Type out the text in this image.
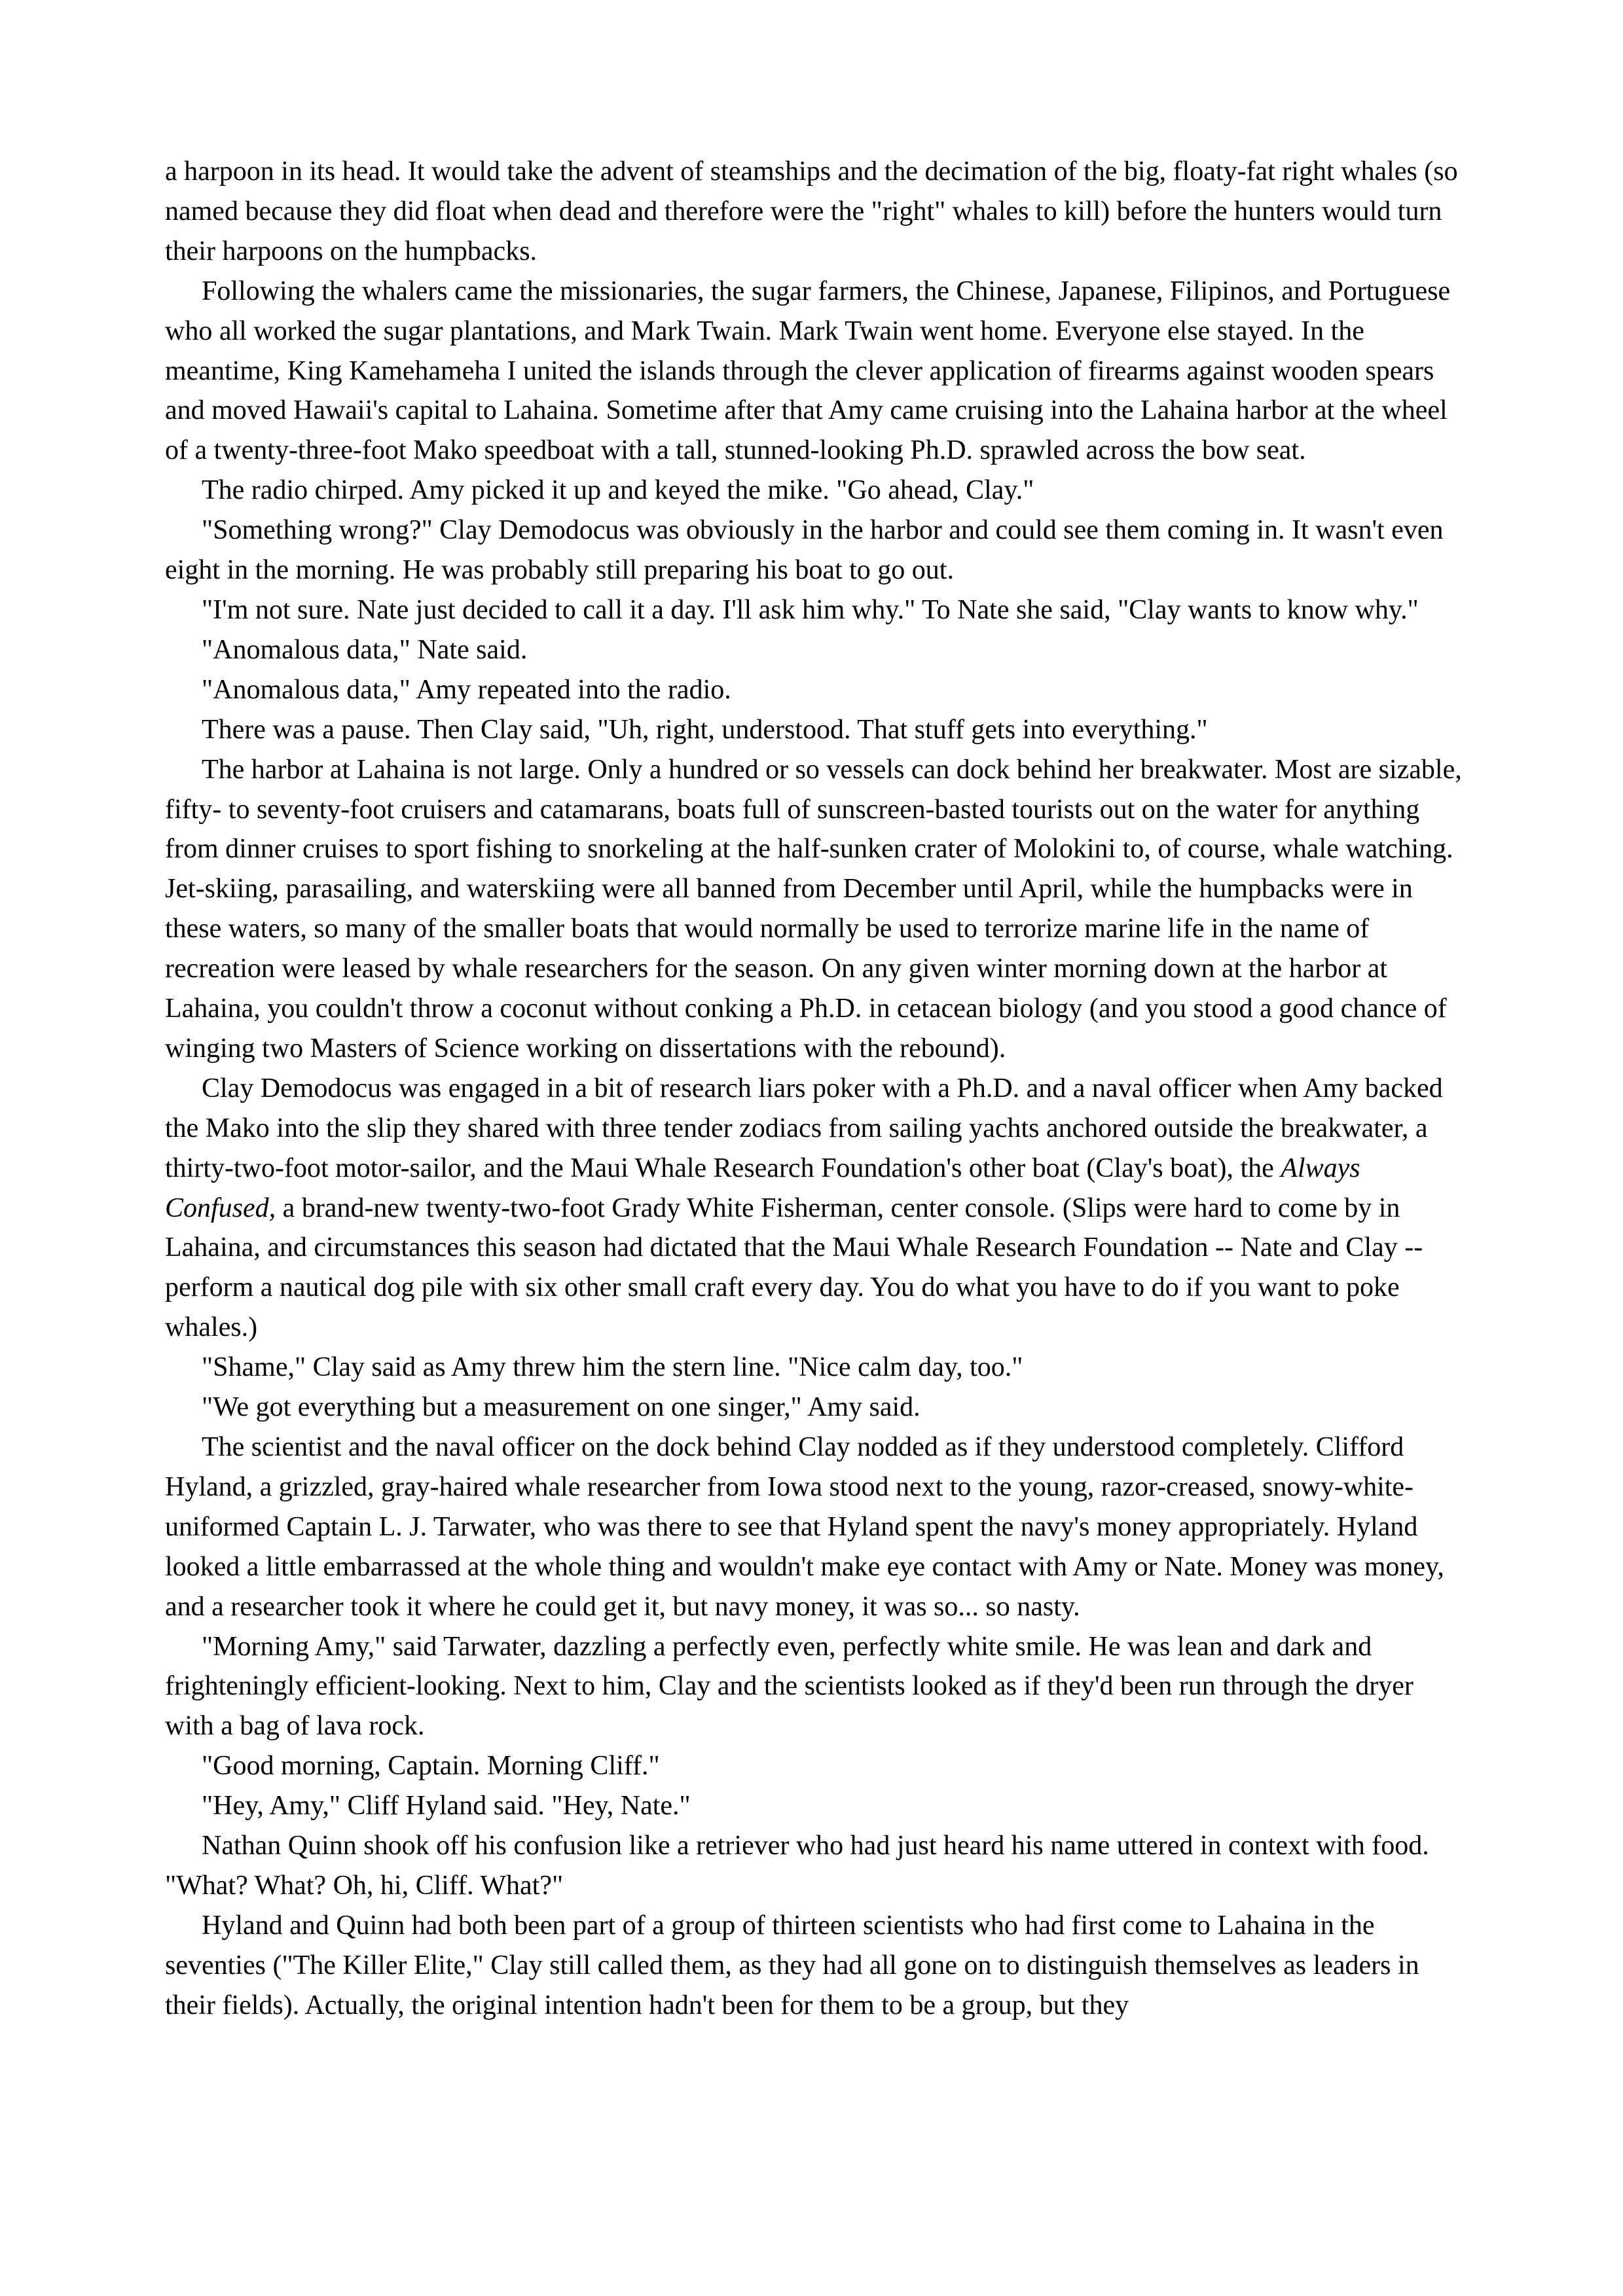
a harpoon in its head. It would take the advent of steamships and the decimation of the big, floaty-fat right whales (so named because they did float when dead and therefore were the "right" whales to kill) before the hunters would turn their harpoons on the humpbacks.

Following the whalers came the missionaries, the sugar farmers, the Chinese, Japanese, Filipinos, and Portuguese who all worked the sugar plantations, and Mark Twain. Mark Twain went home. Everyone else stayed. In the meantime, King Kamehameha I united the islands through the clever application of firearms against wooden spears and moved Hawaii's capital to Lahaina. Sometime after that Amy came cruising into the Lahaina harbor at the wheel of a twenty-three-foot Mako speedboat with a tall, stunned-looking Ph.D. sprawled across the bow seat.

The radio chirped. Amy picked it up and keyed the mike. "Go ahead, Clay."

"Something wrong?" Clay Demodocus was obviously in the harbor and could see them coming in. It wasn't even eight in the morning. He was probably still preparing his boat to go out.

"I'm not sure. Nate just decided to call it a day. I'll ask him why." To Nate she said, "Clay wants to know why."

"Anomalous data," Nate said.

"Anomalous data," Amy repeated into the radio.

There was a pause. Then Clay said, "Uh, right, understood. That stuff gets into everything."

The harbor at Lahaina is not large. Only a hundred or so vessels can dock behind her breakwater. Most are sizable, fifty- to seventy-foot cruisers and catamarans, boats full of sunscreen-basted tourists out on the water for anything from dinner cruises to sport fishing to snorkeling at the half-sunken crater of Molokini to, of course, whale watching. Jet-skiing, parasailing, and waterskiing were all banned from December until April, while the humpbacks were in these waters, so many of the smaller boats that would normally be used to terrorize marine life in the name of recreation were leased by whale researchers for the season. On any given winter morning down at the harbor at Lahaina, you couldn't throw a coconut without conking a Ph.D. in cetacean biology (and you stood a good chance of winging two Masters of Science working on dissertations with the rebound).

Clay Demodocus was engaged in a bit of research liars poker with a Ph.D. and a naval officer when Amy backed the Mako into the slip they shared with three tender zodiacs from sailing yachts anchored outside the breakwater, a thirty-two-foot motor-sailor, and the Maui Whale Research Foundation's other boat (Clay's boat), the Always Confused, a brand-new twenty-two-foot Grady White Fisherman, center console. (Slips were hard to come by in Lahaina, and circumstances this season had dictated that the Maui Whale Research Foundation -- Nate and Clay -- perform a nautical dog pile with six other small craft every day. You do what you have to do if you want to poke whales.)

"Shame," Clay said as Amy threw him the stern line. "Nice calm day, too."

"We got everything but a measurement on one singer," Amy said.

The scientist and the naval officer on the dock behind Clay nodded as if they understood completely. Clifford Hyland, a grizzled, gray-haired whale researcher from Iowa stood next to the young, razor-creased, snowy-white-uniformed Captain L. J. Tarwater, who was there to see that Hyland spent the navy's money appropriately. Hyland looked a little embarrassed at the whole thing and wouldn't make eye contact with Amy or Nate. Money was money, and a researcher took it where he could get it, but navy money, it was so... so nasty.

"Morning Amy," said Tarwater, dazzling a perfectly even, perfectly white smile. He was lean and dark and frighteningly efficient-looking. Next to him, Clay and the scientists looked as if they'd been run through the dryer with a bag of lava rock.

"Good morning, Captain. Morning Cliff."

"Hey, Amy," Cliff Hyland said. "Hey, Nate."

Nathan Quinn shook off his confusion like a retriever who had just heard his name uttered in context with food. "What? What? Oh, hi, Cliff. What?"

Hyland and Quinn had both been part of a group of thirteen scientists who had first come to Lahaina in the seventies ("The Killer Elite," Clay still called them, as they had all gone on to distinguish themselves as leaders in their fields). Actually, the original intention hadn't been for them to be a group, but they
